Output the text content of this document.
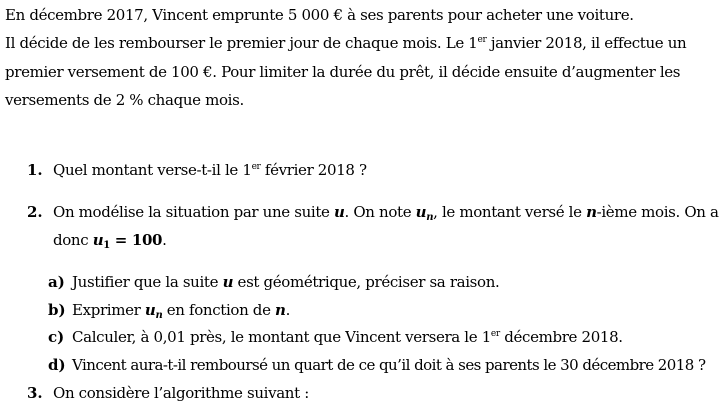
En décembre 2017, Vincent emprunte 5 000 € à ses parents pour acheter une voiture.
Il décide de les rembourser le premier jour de chaque mois. Le 1er janvier 2018, il effectue un
premier versement de 100 €. Pour limiter la durée du prêt, il décide ensuite d’augmenter les
versements de 2 % chaque mois.
1. Quel montant verse-t-il le 1er février 2018 ?
2. On modélise la situation par une suite u. On note $u_n$, le montant versé le n-ième mois. On a
donc $u_1 = 100$.
a) Justifier que la suite u est géométrique, préciser sa raison.
b) Exprimer $u_n$ en fonction de n.
c) Calculer, à 0,01 près, le montant que Vincent versera le 1er décembre 2018.
d) Vincent aura-t-il remboursé un quart de ce qu’il doit à ses parents le 30 décembre 2018 ?
3. On considère l’algorithme suivant :
